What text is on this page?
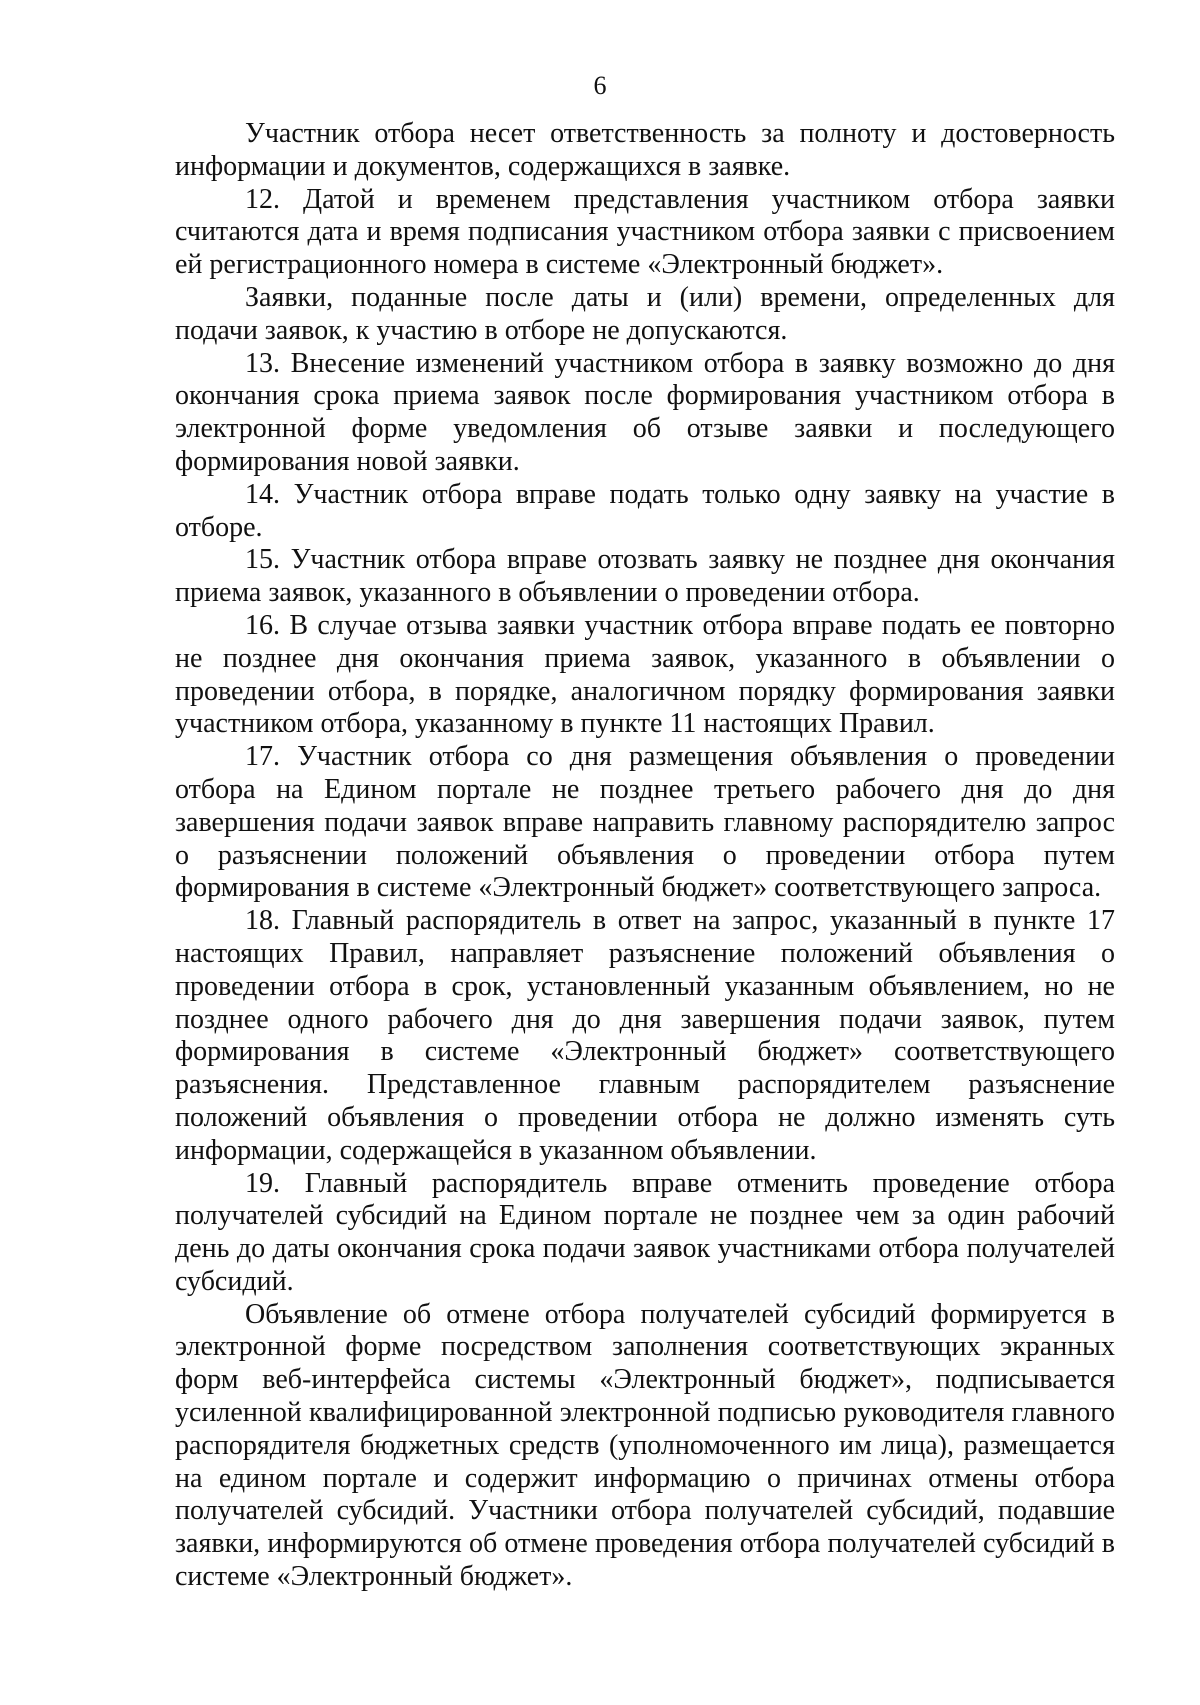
6

Участник отбора несет ответственность за полноту и достоверность информации и документов, содержащихся в заявке.

12. Датой и временем представления участником отбора заявки считаются дата и время подписания участником отбора заявки с присвоением ей регистрационного номера в системе «Электронный бюджет».

Заявки, поданные после даты и (или) времени, определенных для подачи заявок, к участию в отборе не допускаются.

13. Внесение изменений участником отбора в заявку возможно до дня окончания срока приема заявок после формирования участником отбора в электронной форме уведомления об отзыве заявки и последующего формирования новой заявки.

14. Участник отбора вправе подать только одну заявку на участие в отборе.

15. Участник отбора вправе отозвать заявку не позднее дня окончания приема заявок, указанного в объявлении о проведении отбора.

16. В случае отзыва заявки участник отбора вправе подать ее повторно не позднее дня окончания приема заявок, указанного в объявлении о проведении отбора, в порядке, аналогичном порядку формирования заявки участником отбора, указанному в пункте 11 настоящих Правил.

17. Участник отбора со дня размещения объявления о проведении отбора на Едином портале не позднее третьего рабочего дня до дня завершения подачи заявок вправе направить главному распорядителю запрос о разъяснении положений объявления о проведении отбора путем формирования в системе «Электронный бюджет» соответствующего запроса.

18. Главный распорядитель в ответ на запрос, указанный в пункте 17 настоящих Правил, направляет разъяснение положений объявления о проведении отбора в срок, установленный указанным объявлением, но не позднее одного рабочего дня до дня завершения подачи заявок, путем формирования в системе «Электронный бюджет» соответствующего разъяснения. Представленное главным распорядителем разъяснение положений объявления о проведении отбора не должно изменять суть информации, содержащейся в указанном объявлении.

19. Главный распорядитель вправе отменить проведение отбора получателей субсидий на Едином портале не позднее чем за один рабочий день до даты окончания срока подачи заявок участниками отбора получателей субсидий.

Объявление об отмене отбора получателей субсидий формируется в электронной форме посредством заполнения соответствующих экранных форм веб-интерфейса системы «Электронный бюджет», подписывается усиленной квалифицированной электронной подписью руководителя главного распорядителя бюджетных средств (уполномоченного им лица), размещается на едином портале и содержит информацию о причинах отмены отбора получателей субсидий. Участники отбора получателей субсидий, подавшие заявки, информируются об отмене проведения отбора получателей субсидий в системе «Электронный бюджет».
